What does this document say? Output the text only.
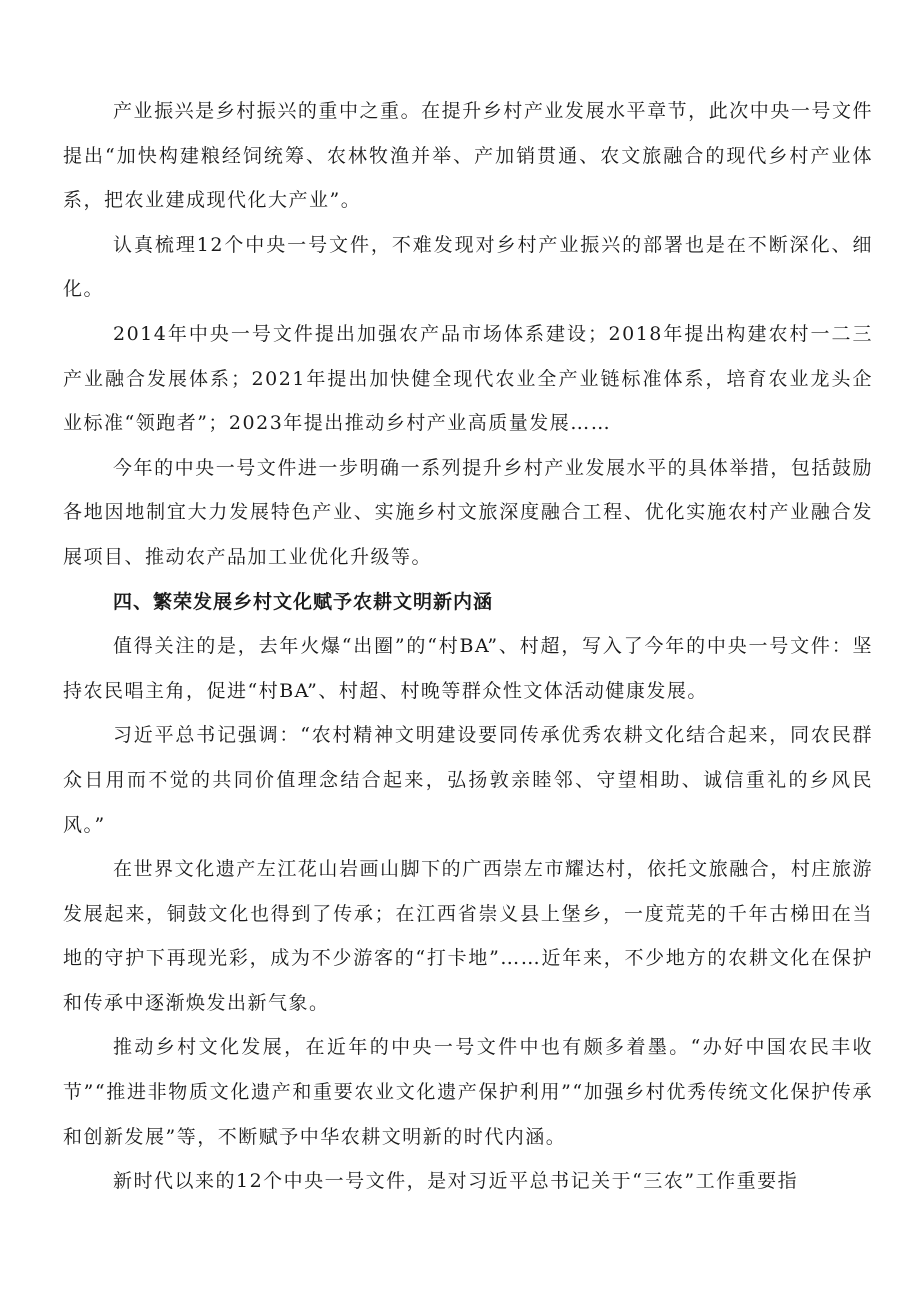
产业振兴是乡村振兴的重中之重。在提升乡村产业发展水平章节，此次中央一号文件提出“加快构建粮经饲统筹、农林牧渔并举、产加销贯通、农文旅融合的现代乡村产业体系，把农业建成现代化大产业”。

认真梳理12个中央一号文件，不难发现对乡村产业振兴的部署也是在不断深化、细化。

2014年中央一号文件提出加强农产品市场体系建设；2018年提出构建农村一二三产业融合发展体系；2021年提出加快健全现代农业全产业链标准体系，培育农业龙头企业标准“领跑者”；2023年提出推动乡村产业高质量发展……

今年的中央一号文件进一步明确一系列提升乡村产业发展水平的具体举措，包括鼓励各地因地制宜大力发展特色产业、实施乡村文旅深度融合工程、优化实施农村产业融合发展项目、推动农产品加工业优化升级等。

四、繁荣发展乡村文化赋予农耕文明新内涵

值得关注的是，去年火爆“出圈”的“村BA”、村超，写入了今年的中央一号文件：坚持农民唱主角，促进“村BA”、村超、村晚等群众性文体活动健康发展。

习近平总书记强调：“农村精神文明建设要同传承优秀农耕文化结合起来，同农民群众日用而不觉的共同价值理念结合起来，弘扬敦亲睦邻、守望相助、诚信重礼的乡风民风。”

在世界文化遗产左江花山岩画山脚下的广西崇左市耀达村，依托文旅融合，村庄旅游发展起来，铜鼓文化也得到了传承；在江西省崇义县上堡乡，一度荒芜的千年古梯田在当地的守护下再现光彩，成为不少游客的“打卡地”……近年来，不少地方的农耕文化在保护和传承中逐渐焕发出新气象。

推动乡村文化发展，在近年的中央一号文件中也有颇多着墨。“办好中国农民丰收节”“推进非物质文化遗产和重要农业文化遗产保护利用”“加强乡村优秀传统文化保护传承和创新发展”等，不断赋予中华农耕文明新的时代内涵。

新时代以来的12个中央一号文件，是对习近平总书记关于“三农”工作重要指
